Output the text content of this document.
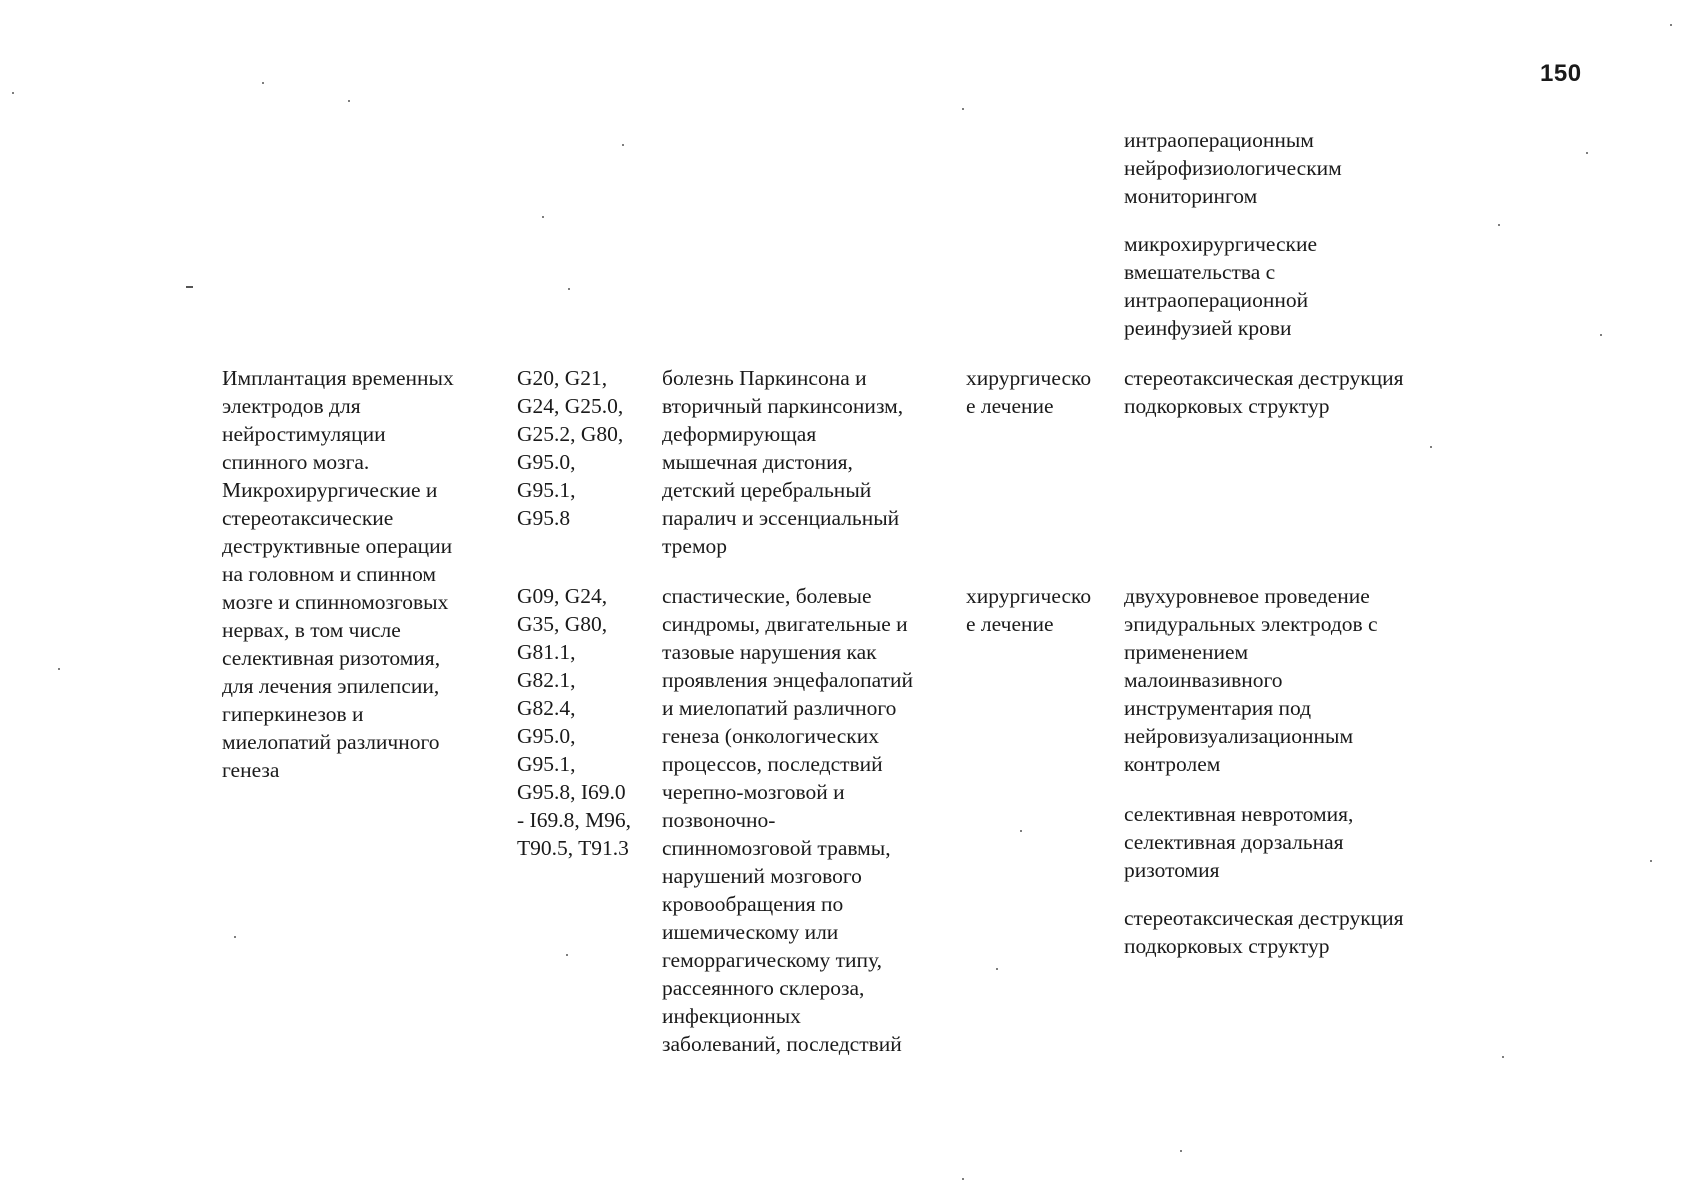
150
интраоперационным
нейрофизиологическим
мониторингом
микрохирургические
вмешательства с
интраоперационной
реинфузией крови
Имплантация временных
электродов для
нейростимуляции
спинного мозга.
Микрохирургические и
стереотаксические
деструктивные операции
на головном и спинном
мозге и спинномозговых
нервах, в том числе
селективная ризотомия,
для лечения эпилепсии,
гиперкинезов и
миелопатий различного
генеза
G20, G21,
G24, G25.0,
G25.2, G80,
G95.0,
G95.1,
G95.8
болезнь Паркинсона и
вторичный паркинсонизм,
деформирующая
мышечная дистония,
детский церебральный
паралич и эссенциальный
тремор
хирургическо
е лечение
стереотаксическая деструкция
подкорковых структур
G09, G24,
G35, G80,
G81.1,
G82.1,
G82.4,
G95.0,
G95.1,
G95.8, I69.0
- I69.8, M96,
T90.5, T91.3
спастические, болевые
синдромы, двигательные и
тазовые нарушения как
проявления энцефалопатий
и миелопатий различного
генеза (онкологических
процессов, последствий
черепно-мозговой и
позвоночно-
спинномозговой травмы,
нарушений мозгового
кровообращения по
ишемическому или
геморрагическому типу,
рассеянного склероза,
инфекционных
заболеваний, последствий
хирургическо
е лечение
двухуровневое проведение
эпидуральных электродов с
применением
малоинвазивного
инструментария под
нейровизуализационным
контролем
селективная невротомия,
селективная дорзальная
ризотомия
стереотаксическая деструкция
подкорковых структур
